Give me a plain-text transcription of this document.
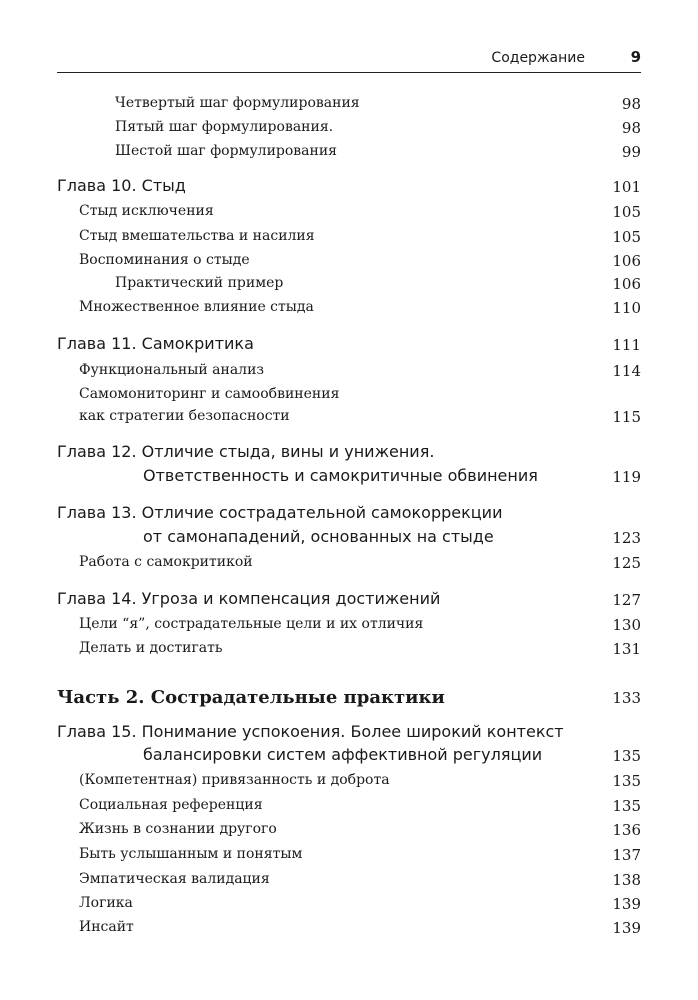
Содержание	9
Четвертый шаг формулирования	98
Пятый шаг формулирования.	98
Шестой шаг формулирования	99
Глава 10. Стыд	101
Стыд исключения	105
Стыд вмешательства и насилия	105
Воспоминания о стыде	106
Практический пример	106
Множественное влияние стыда	110
Глава 11. Самокритика	111
Функциональный анализ	114
Самомониторинг и самообвинения
как стратегии безопасности	115
Глава 12. Отличие стыда, вины и унижения.
Ответственность и самокритичные обвинения	119
Глава 13. Отличие сострадательной самокоррекции
от самонападений, основанных на стыде	123
Работа с самокритикой	125
Глава 14. Угроза и компенсация достижений	127
Цели “я”, сострадательные цели и их отличия	130
Делать и достигать	131
Часть 2. Сострадательные практики	133
Глава 15. Понимание успокоения. Более широкий контекст
балансировки систем аффективной регуляции	135
(Компетентная) привязанность и доброта	135
Социальная референция	135
Жизнь в сознании другого	136
Быть услышанным и понятым	137
Эмпатическая валидация	138
Логика	139
Инсайт	139
